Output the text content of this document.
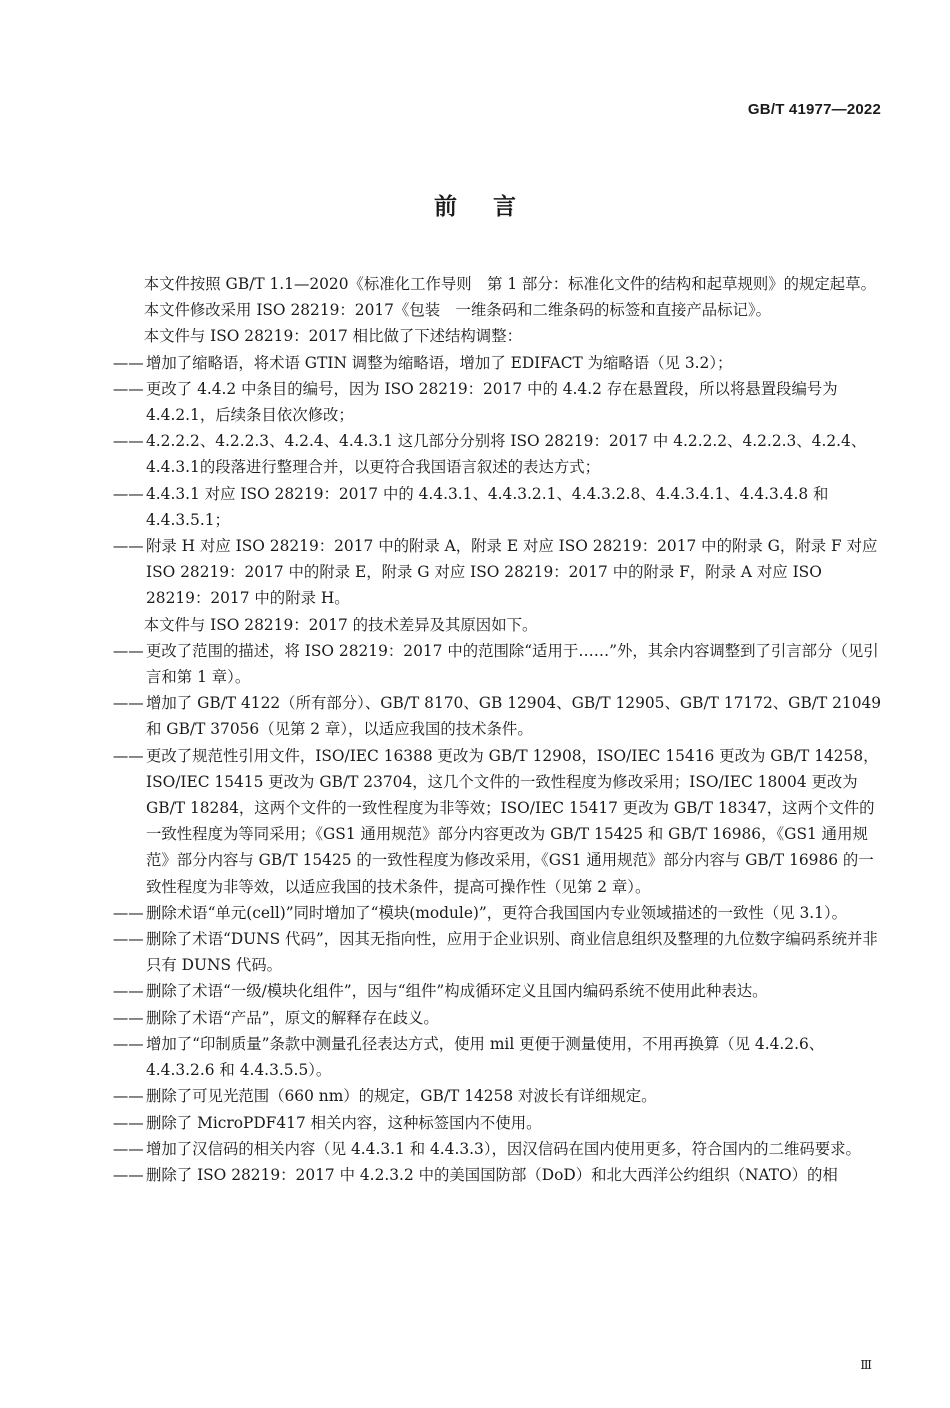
GB/T 41977—2022
前言
本文件按照 GB/T 1.1—2020《标准化工作导则　第 1 部分：标准化文件的结构和起草规则》的规定起草。
本文件修改采用 ISO 28219：2017《包装　一维条码和二维条码的标签和直接产品标记》。
本文件与 ISO 28219：2017 相比做了下述结构调整：
—— 增加了缩略语，将术语 GTIN 调整为缩略语，增加了 EDIFACT 为缩略语（见 3.2）；
—— 更改了 4.4.2 中条目的编号，因为 ISO 28219：2017 中的 4.4.2 存在悬置段，所以将悬置段编号为 4.4.2.1，后续条目依次修改；
—— 4.2.2.2、4.2.2.3、4.2.4、4.4.3.1 这几部分分别将 ISO 28219：2017 中 4.2.2.2、4.2.2.3、4.2.4、4.4.3.1的段落进行整理合并，以更符合我国语言叙述的表达方式；
—— 4.4.3.1 对应 ISO 28219：2017 中的 4.4.3.1、4.4.3.2.1、4.4.3.2.8、4.4.3.4.1、4.4.3.4.8 和 4.4.3.5.1；
—— 附录 H 对应 ISO 28219：2017 中的附录 A，附录 E 对应 ISO 28219：2017 中的附录 G，附录 F 对应 ISO 28219：2017 中的附录 E，附录 G 对应 ISO 28219：2017 中的附录 F，附录 A 对应 ISO 28219：2017 中的附录 H。
本文件与 ISO 28219：2017 的技术差异及其原因如下。
—— 更改了范围的描述，将 ISO 28219：2017 中的范围除“适用于……”外，其余内容调整到了引言部分（见引言和第 1 章）。
—— 增加了 GB/T 4122（所有部分）、GB/T 8170、GB 12904、GB/T 12905、GB/T 17172、GB/T 21049和 GB/T 37056（见第 2 章），以适应我国的技术条件。
—— 更改了规范性引用文件，ISO/IEC 16388 更改为 GB/T 12908，ISO/IEC 15416 更改为 GB/T 14258，ISO/IEC 15415 更改为 GB/T 23704，这几个文件的一致性程度为修改采用；ISO/IEC 18004 更改为 GB/T 18284，这两个文件的一致性程度为非等效；ISO/IEC 15417 更改为 GB/T 18347，这两个文件的一致性程度为等同采用；《GS1 通用规范》部分内容更改为 GB/T 15425 和 GB/T 16986，《GS1 通用规范》部分内容与 GB/T 15425 的一致性程度为修改采用，《GS1 通用规范》部分内容与 GB/T 16986 的一致性程度为非等效，以适应我国的技术条件，提高可操作性（见第 2 章）。
—— 删除术语“单元(cell)”同时增加了“模块(module)”，更符合我国国内专业领域描述的一致性（见 3.1）。
—— 删除了术语“DUNS 代码”，因其无指向性，应用于企业识别、商业信息组织及整理的九位数字编码系统并非只有 DUNS 代码。
—— 删除了术语“一级/模块化组件”，因与“组件”构成循环定义且国内编码系统不使用此种表达。
—— 删除了术语“产品”，原文的解释存在歧义。
—— 增加了“印制质量”条款中测量孔径表达方式，使用 mil 更便于测量使用，不用再换算（见 4.4.2.6、4.4.3.2.6 和 4.4.3.5.5）。
—— 删除了可见光范围（660 nm）的规定，GB/T 14258 对波长有详细规定。
—— 删除了 MicroPDF417 相关内容，这种标签国内不使用。
—— 增加了汉信码的相关内容（见 4.4.3.1 和 4.4.3.3），因汉信码在国内使用更多，符合国内的二维码要求。
—— 删除了 ISO 28219：2017 中 4.2.3.2 中的美国国防部（DoD）和北大西洋公约组织（NATO）的相
Ⅲ
